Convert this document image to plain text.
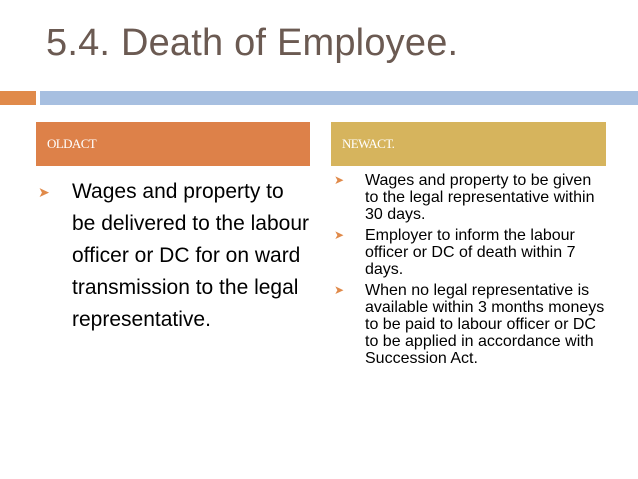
5.4. Death of Employee.
OLDACT	NEWACT.
➤ Wages and property to be delivered to the labour officer or DC for on ward transmission to the legal representative.
➤ Wages and property to be given to the legal representative within 30 days.
➤ Employer to inform the labour officer or DC of death within 7 days.
➤ When no legal representative is available within 3 months moneys to be paid to labour officer or DC to be applied in accordance with Succession Act.
